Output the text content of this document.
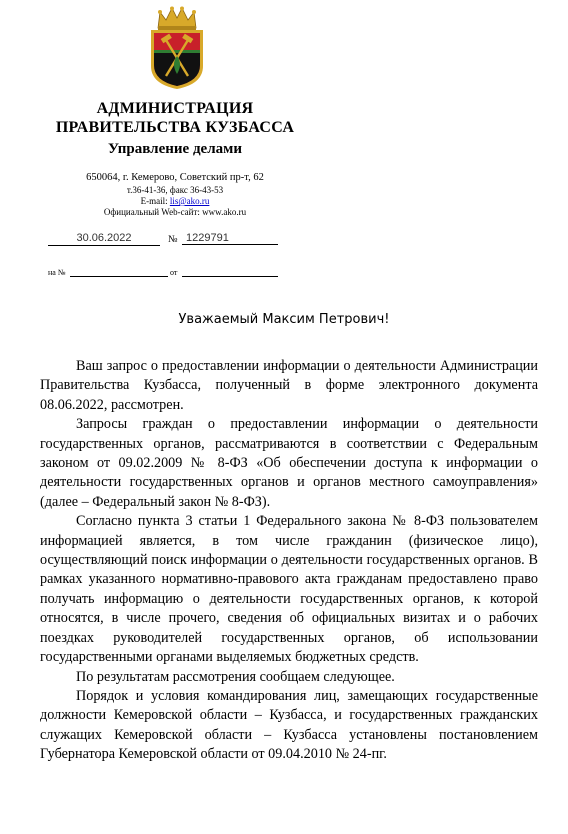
АДМИНИСТРАЦИЯ
ПРАВИТЕЛЬСТВА КУЗБАССА
Управление делами
650064, г. Кемерово, Советский пр-т, 62
т.36-41-36, факс 36-43-53
E-mail: lis@ako.ru
Официальный Web-сайт: www.ako.ru
30.06.2022	№ 1229791
на №	от
Уважаемый Максим Петрович!

Ваш запрос о предоставлении информации о деятельности Администрации Правительства Кузбасса, полученный в форме электронного документа 08.06.2022, рассмотрен.

Запросы граждан о предоставлении информации о деятельности государственных органов, рассматриваются в соответствии с Федеральным законом от 09.02.2009 № 8-ФЗ «Об обеспечении доступа к информации о деятельности государственных органов и органов местного самоуправления» (далее – Федеральный закон № 8-ФЗ).

Согласно пункта 3 статьи 1 Федерального закона № 8-ФЗ пользователем информацией является, в том числе гражданин (физическое лицо), осуществляющий поиск информации о деятельности государственных органов. В рамках указанного нормативно-правового акта гражданам предоставлено право получать информацию о деятельности государственных органов, к которой относятся, в числе прочего, сведения об официальных визитах и о рабочих поездках руководителей государственных органов, об использовании государственными органами выделяемых бюджетных средств.

По результатам рассмотрения сообщаем следующее.

Порядок и условия командирования лиц, замещающих государственные должности Кемеровской области – Кузбасса, и государственных гражданских служащих Кемеровской области – Кузбасса установлены постановлением Губернатора Кемеровской области от 09.04.2010 № 24-пг.
